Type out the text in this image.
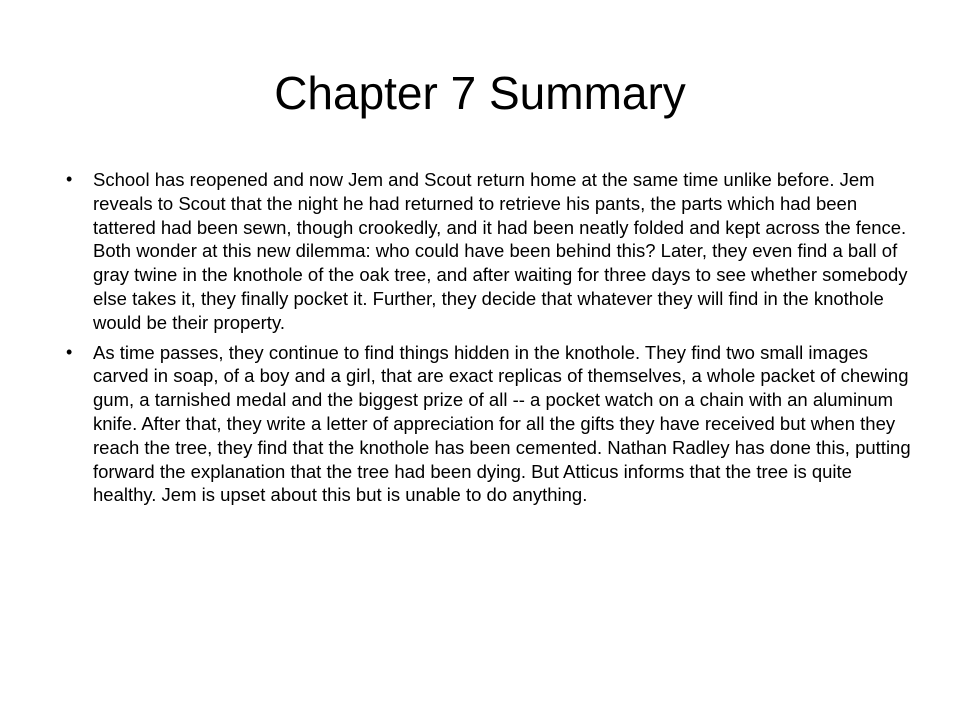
Chapter 7 Summary
• School has reopened and now Jem and Scout return home at the same time unlike before. Jem reveals to Scout that the night he had returned to retrieve his pants, the parts which had been tattered had been sewn, though crookedly, and it had been neatly folded and kept across the fence. Both wonder at this new dilemma: who could have been behind this? Later, they even find a ball of gray twine in the knothole of the oak tree, and after waiting for three days to see whether somebody else takes it, they finally pocket it. Further, they decide that whatever they will find in the knothole would be their property.
• As time passes, they continue to find things hidden in the knothole. They find two small images carved in soap, of a boy and a girl, that are exact replicas of themselves, a whole packet of chewing gum, a tarnished medal and the biggest prize of all -- a pocket watch on a chain with an aluminum knife. After that, they write a letter of appreciation for all the gifts they have received but when they reach the tree, they find that the knothole has been cemented. Nathan Radley has done this, putting forward the explanation that the tree had been dying. But Atticus informs that the tree is quite healthy. Jem is upset about this but is unable to do anything.
